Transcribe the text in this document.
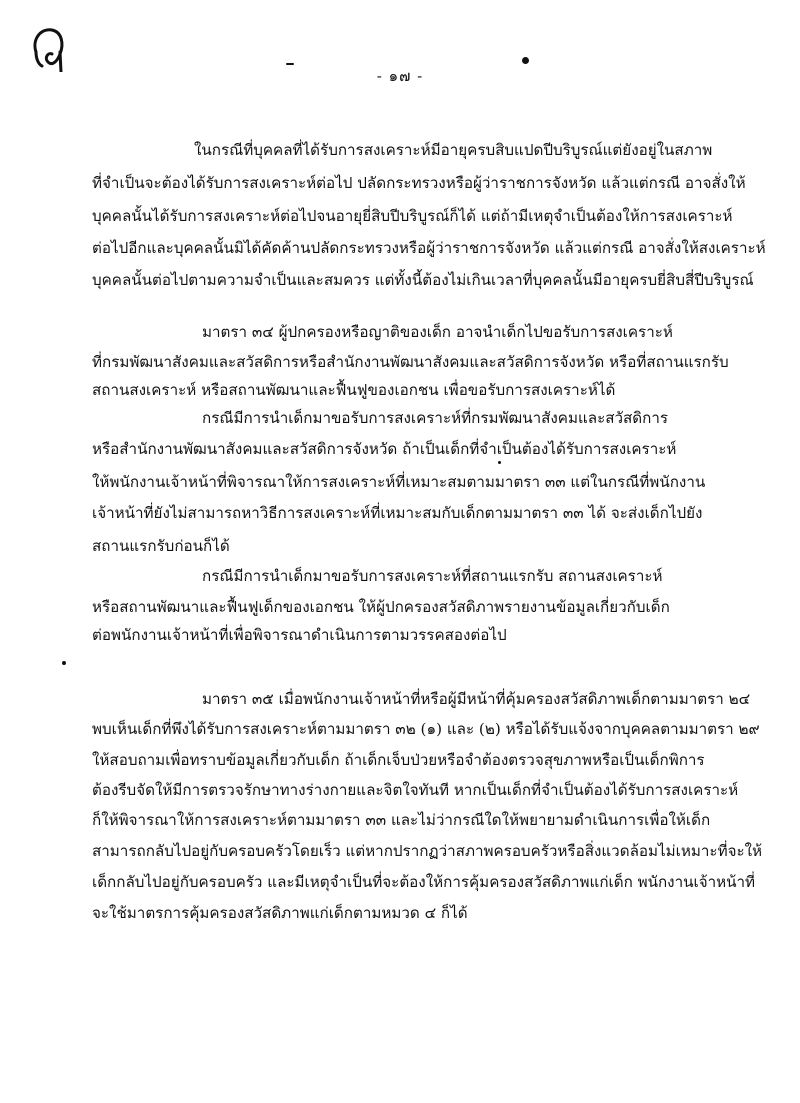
- ๑๗ -
ในกรณีที่บุคคลที่ได้รับการสงเคราะห์มีอายุครบสิบแปดปีบริบูรณ์แต่ยังอยู่ในสภาพ
ที่จำเป็นจะต้องได้รับการสงเคราะห์ต่อไป ปลัดกระทรวงหรือผู้ว่าราชการจังหวัด แล้วแต่กรณี อาจสั่งให้
บุคคลนั้นได้รับการสงเคราะห์ต่อไปจนอายุยี่สิบปีบริบูรณ์ก็ได้ แต่ถ้ามีเหตุจำเป็นต้องให้การสงเคราะห์
ต่อไปอีกและบุคคลนั้นมิได้คัดค้านปลัดกระทรวงหรือผู้ว่าราชการจังหวัด แล้วแต่กรณี อาจสั่งให้สงเคราะห์
บุคคลนั้นต่อไปตามความจำเป็นและสมควร แต่ทั้งนี้ต้องไม่เกินเวลาที่บุคคลนั้นมีอายุครบยี่สิบสี่ปีบริบูรณ์
มาตรา ๓๔ ผู้ปกครองหรือญาติของเด็ก อาจนำเด็กไปขอรับการสงเคราะห์
ที่กรมพัฒนาสังคมและสวัสดิการหรือสำนักงานพัฒนาสังคมและสวัสดิการจังหวัด หรือที่สถานแรกรับ
สถานสงเคราะห์ หรือสถานพัฒนาและฟื้นฟูของเอกชน เพื่อขอรับการสงเคราะห์ได้
กรณีมีการนำเด็กมาขอรับการสงเคราะห์ที่กรมพัฒนาสังคมและสวัสดิการ
หรือสำนักงานพัฒนาสังคมและสวัสดิการจังหวัด ถ้าเป็นเด็กที่จำเป็นต้องได้รับการสงเคราะห์
ให้พนักงานเจ้าหน้าที่พิจารณาให้การสงเคราะห์ที่เหมาะสมตามมาตรา ๓๓ แต่ในกรณีที่พนักงาน
เจ้าหน้าที่ยังไม่สามารถหาวิธีการสงเคราะห์ที่เหมาะสมกับเด็กตามมาตรา ๓๓ ได้ จะส่งเด็กไปยัง
สถานแรกรับก่อนก็ได้
กรณีมีการนำเด็กมาขอรับการสงเคราะห์ที่สถานแรกรับ สถานสงเคราะห์
หรือสถานพัฒนาและฟื้นฟูเด็กของเอกชน ให้ผู้ปกครองสวัสดิภาพรายงานข้อมูลเกี่ยวกับเด็ก
ต่อพนักงานเจ้าหน้าที่เพื่อพิจารณาดำเนินการตามวรรคสองต่อไป
มาตรา ๓๕ เมื่อพนักงานเจ้าหน้าที่หรือผู้มีหน้าที่คุ้มครองสวัสดิภาพเด็กตามมาตรา ๒๔
พบเห็นเด็กที่พึงได้รับการสงเคราะห์ตามมาตรา ๓๒ (๑) และ (๒) หรือได้รับแจ้งจากบุคคลตามมาตรา ๒๙
ให้สอบถามเพื่อทราบข้อมูลเกี่ยวกับเด็ก ถ้าเด็กเจ็บป่วยหรือจำต้องตรวจสุขภาพหรือเป็นเด็กพิการ
ต้องรีบจัดให้มีการตรวจรักษาทางร่างกายและจิตใจทันที หากเป็นเด็กที่จำเป็นต้องได้รับการสงเคราะห์
ก็ให้พิจารณาให้การสงเคราะห์ตามมาตรา ๓๓ และไม่ว่ากรณีใดให้พยายามดำเนินการเพื่อให้เด็ก
สามารถกลับไปอยู่กับครอบครัวโดยเร็ว แต่หากปรากฏว่าสภาพครอบครัวหรือสิ่งแวดล้อมไม่เหมาะที่จะให้
เด็กกลับไปอยู่กับครอบครัว และมีเหตุจำเป็นที่จะต้องให้การคุ้มครองสวัสดิภาพแก่เด็ก พนักงานเจ้าหน้าที่
จะใช้มาตรการคุ้มครองสวัสดิภาพแก่เด็กตามหมวด ๔ ก็ได้
